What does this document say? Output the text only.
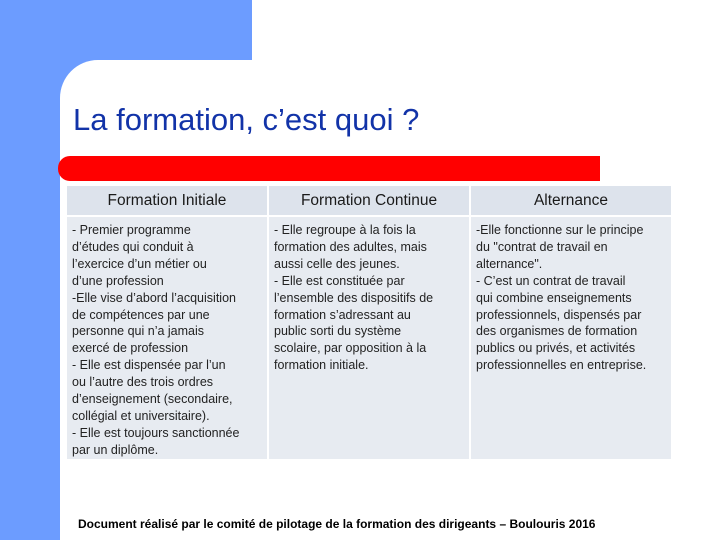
La formation, c’est quoi ?
Formation Initiale
- Premier programme
d’études qui conduit à
l’exercice d’un métier ou
d’une profession
-Elle vise d’abord l’acquisition
de compétences par une
personne qui n’a jamais
exercé de profession
- Elle est dispensée par l’un
ou l’autre des trois ordres
d’enseignement (secondaire,
collégial et universitaire).
- Elle est toujours sanctionnée
par un diplôme.
Formation Continue
- Elle regroupe à la fois la
formation des adultes, mais
aussi celle des jeunes.
- Elle est constituée par
l’ensemble des dispositifs de
formation s’adressant au
public sorti du système
scolaire, par opposition à la
formation initiale.
Alternance
-Elle fonctionne sur le principe
du "contrat de travail en
alternance".
- C’est un contrat de travail
qui combine enseignements
professionnels, dispensés par
des organismes de formation
publics ou privés, et activités
professionnelles en entreprise.
Document réalisé par le comité de pilotage de la formation des dirigeants – Boulouris 2016
